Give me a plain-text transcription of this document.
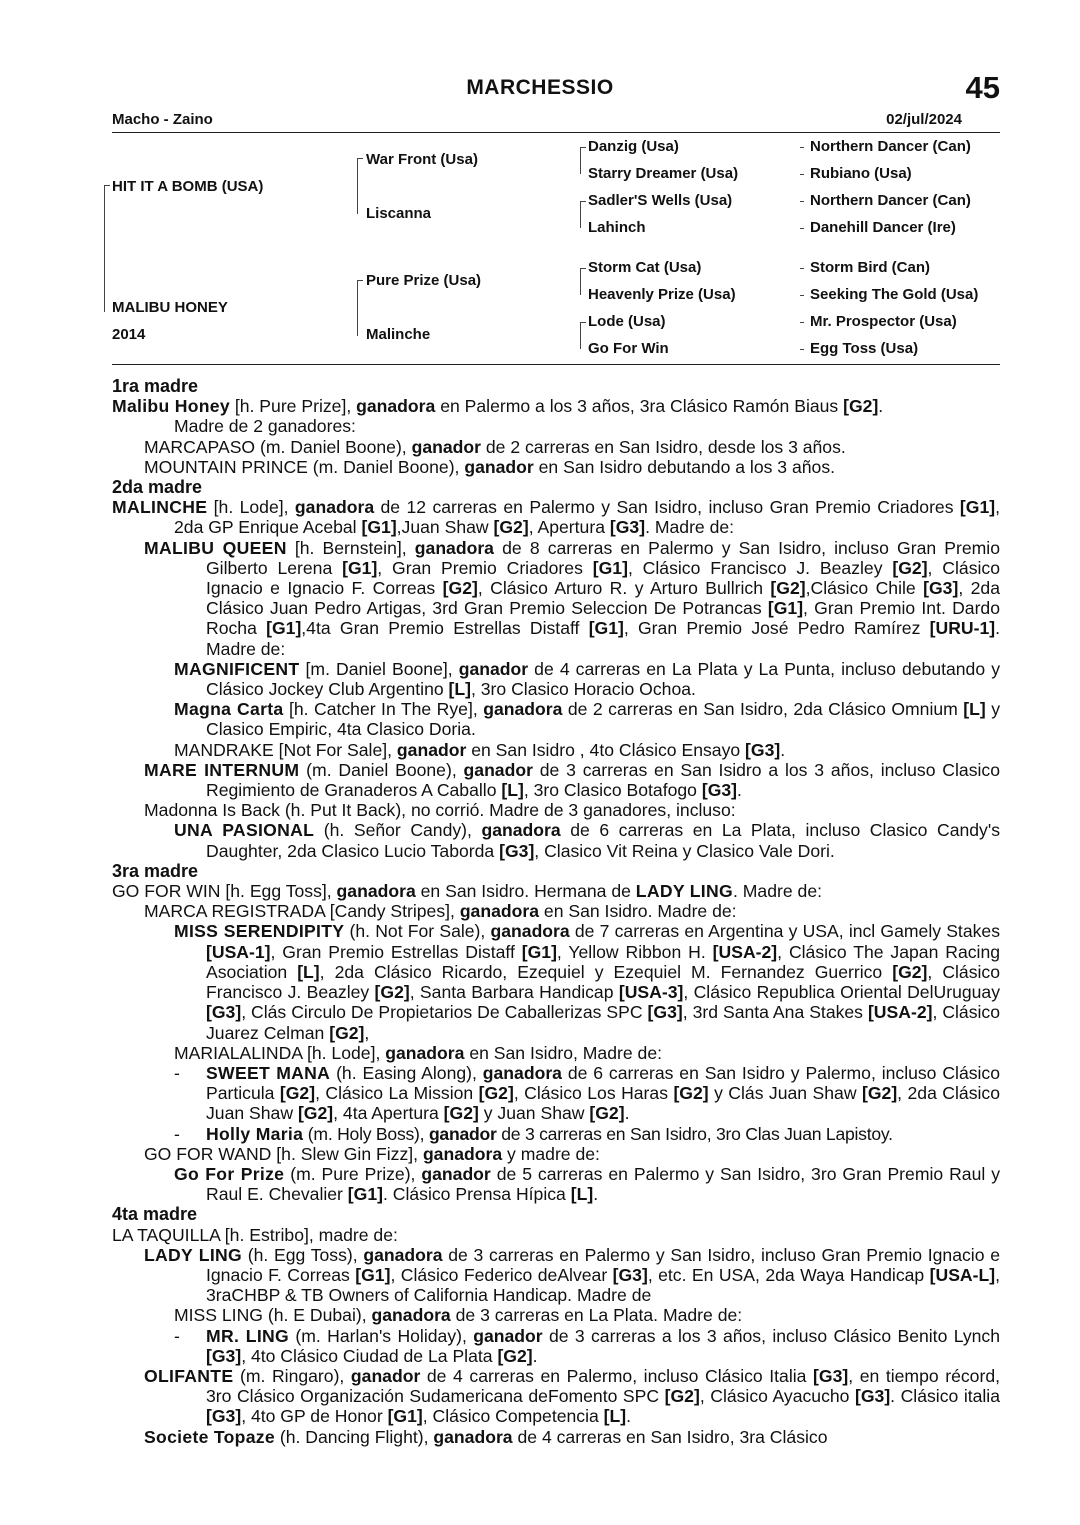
MARCHESSIO	45
Macho - Zaino	02/jul/2024
HIT IT A BOMB (USA)
MALIBU HONEY
2014
War Front (Usa)
Liscanna
Pure Prize (Usa)
Malinche
Danzig (Usa)
Starry Dreamer (Usa)
Sadler'S Wells (Usa)
Lahinch
Storm Cat (Usa)
Heavenly Prize (Usa)
Lode (Usa)
Go For Win
Northern Dancer (Can)
Rubiano (Usa)
Northern Dancer (Can)
Danehill Dancer (Ire)
Storm Bird (Can)
Seeking The Gold (Usa)
Mr. Prospector (Usa)
Egg Toss (Usa)

1ra madre

Malibu Honey [h. Pure Prize], ganadora en Palermo a los 3 años, 3ra Clásico Ramón Biaus [G2].

Madre de 2 ganadores:

MARCAPASO (m. Daniel Boone), ganador de 2 carreras en San Isidro, desde los 3 años.

MOUNTAIN PRINCE (m. Daniel Boone), ganador en San Isidro debutando a los 3 años.

2da madre

MALINCHE [h. Lode], ganadora de 12 carreras en Palermo y San Isidro, incluso Gran Premio Criadores [G1], 2da GP Enrique Acebal [G1],Juan Shaw [G2], Apertura [G3]. Madre de:

MALIBU QUEEN [h. Bernstein], ganadora de 8 carreras en Palermo y San Isidro, incluso Gran Premio Gilberto Lerena [G1], Gran Premio Criadores [G1], Clásico Francisco J. Beazley [G2], Clásico Ignacio e Ignacio F. Correas [G2], Clásico Arturo R. y Arturo Bullrich [G2],Clásico Chile [G3], 2da Clásico Juan Pedro Artigas, 3rd Gran Premio Seleccion De Potrancas [G1], Gran Premio Int. Dardo Rocha [G1],4ta Gran Premio Estrellas Distaff [G1], Gran Premio José Pedro Ramírez [URU-1]. Madre de:

MAGNIFICENT [m. Daniel Boone], ganador de 4 carreras en La Plata y La Punta, incluso debutando y Clásico Jockey Club Argentino [L], 3ro Clasico Horacio Ochoa.

Magna Carta [h. Catcher In The Rye], ganadora de 2 carreras en San Isidro, 2da Clásico Omnium [L] y Clasico Empiric, 4ta Clasico Doria.

MANDRAKE [Not For Sale], ganador en San Isidro , 4to Clásico Ensayo [G3].

MARE INTERNUM (m. Daniel Boone), ganador de 3 carreras en San Isidro a los 3 años, incluso Clasico Regimiento de Granaderos A Caballo [L], 3ro Clasico Botafogo [G3].

Madonna Is Back (h. Put It Back), no corrió. Madre de 3 ganadores, incluso:

UNA PASIONAL (h. Señor Candy), ganadora de 6 carreras en La Plata, incluso Clasico Candy's Daughter, 2da Clasico Lucio Taborda [G3], Clasico Vit Reina y Clasico Vale Dori.

3ra madre

GO FOR WIN [h. Egg Toss], ganadora en San Isidro. Hermana de LADY LING. Madre de:

MARCA REGISTRADA [Candy Stripes], ganadora en San Isidro. Madre de:

MISS SERENDIPITY (h. Not For Sale), ganadora de 7 carreras en Argentina y USA, incl Gamely Stakes [USA-1], Gran Premio Estrellas Distaff [G1], Yellow Ribbon H. [USA-2], Clásico The Japan Racing Asociation [L], 2da Clásico Ricardo, Ezequiel y Ezequiel M. Fernandez Guerrico [G2], Clásico Francisco J. Beazley [G2], Santa Barbara Handicap [USA-3], Clásico Republica Oriental DelUruguay [G3], Clás Circulo De Propietarios De Caballerizas SPC [G3], 3rd Santa Ana Stakes [USA-2], Clásico Juarez Celman [G2],

MARIALALINDA [h. Lode], ganadora en San Isidro, Madre de:

- SWEET MANA (h. Easing Along), ganadora de 6 carreras en San Isidro y Palermo, incluso Clásico Particula [G2], Clásico La Mission [G2], Clásico Los Haras [G2] y Clás Juan Shaw [G2], 2da Clásico Juan Shaw [G2], 4ta Apertura [G2] y Juan Shaw [G2].

- Holly Maria (m. Holy Boss), ganador de 3 carreras en San Isidro, 3ro Clas Juan Lapistoy.

GO FOR WAND [h. Slew Gin Fizz], ganadora y madre de:

Go For Prize (m. Pure Prize), ganador de 5 carreras en Palermo y San Isidro, 3ro Gran Premio Raul y Raul E. Chevalier [G1]. Clásico Prensa Hípica [L].

4ta madre

LA TAQUILLA [h. Estribo], madre de:

LADY LING (h. Egg Toss), ganadora de 3 carreras en Palermo y San Isidro, incluso Gran Premio Ignacio e Ignacio F. Correas [G1], Clásico Federico deAlvear [G3], etc. En USA, 2da Waya Handicap [USA-L], 3raCHBP & TB Owners of California Handicap. Madre de

MISS LING (h. E Dubai), ganadora de 3 carreras en La Plata. Madre de:

- MR. LING (m. Harlan's Holiday), ganador de 3 carreras a los 3 años, incluso Clásico Benito Lynch [G3], 4to Clásico Ciudad de La Plata [G2].

OLIFANTE (m. Ringaro), ganador de 4 carreras en Palermo, incluso Clásico Italia [G3], en tiempo récord, 3ro Clásico Organización Sudamericana deFomento SPC [G2], Clásico Ayacucho [G3]. Clásico italia [G3], 4to GP de Honor [G1], Clásico Competencia [L].

Societe Topaze (h. Dancing Flight), ganadora de 4 carreras en San Isidro, 3ra Clásico
